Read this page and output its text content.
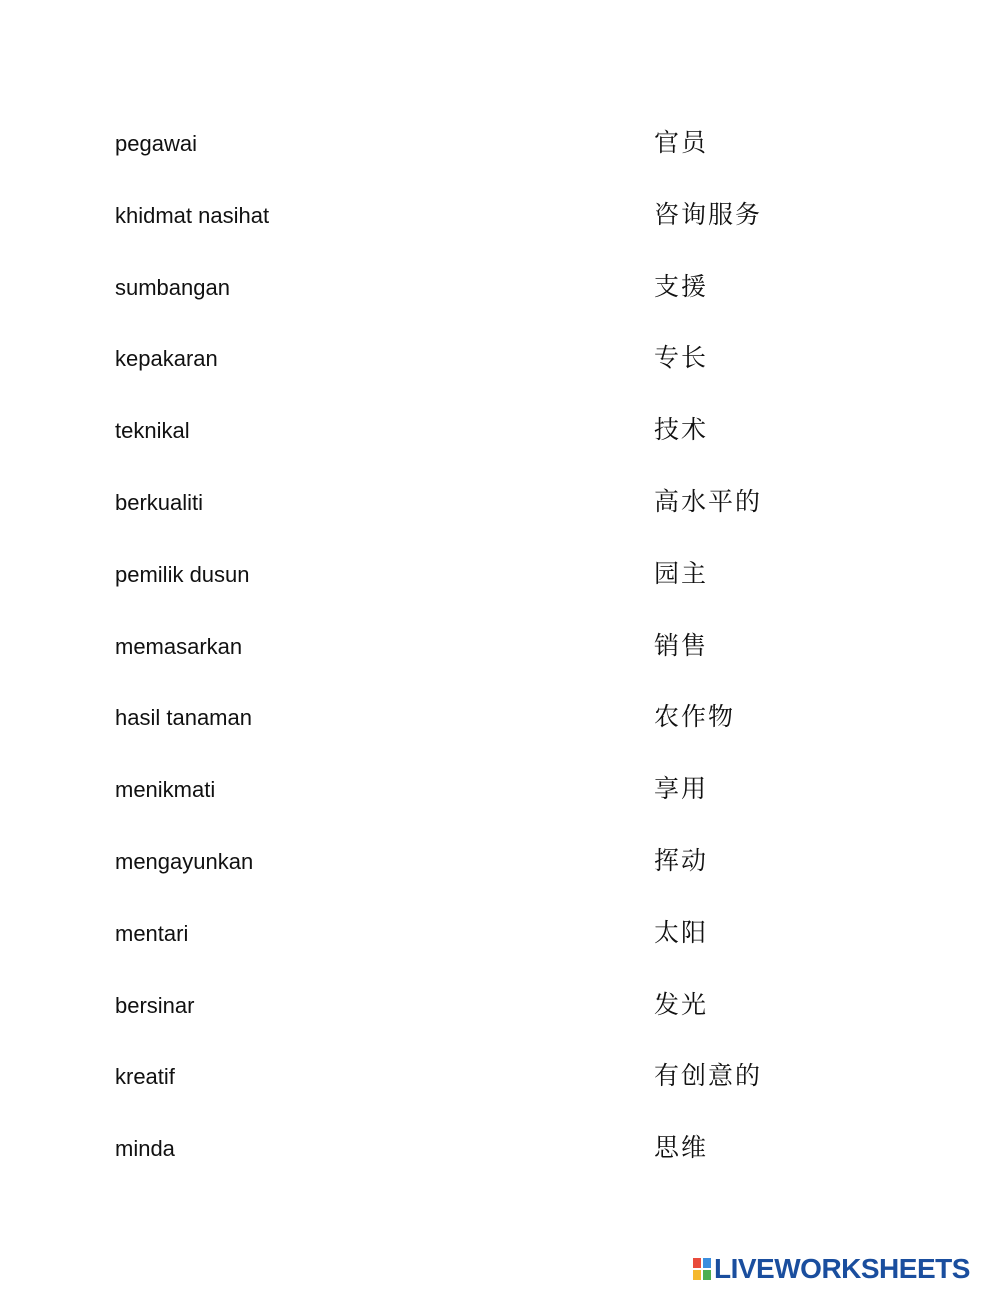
pegawai	官员
khidmat nasihat	咨询服务
sumbangan	支援
kepakaran	专长
teknikal	技术
berkualiti	高水平的
pemilik dusun	园主
memasarkan	销售
hasil tanaman	农作物
menikmati	享用
mengayunkan	挥动
mentari	太阳
bersinar	发光
kreatif	有创意的
minda	思维
LIVEWORKSHEETS
